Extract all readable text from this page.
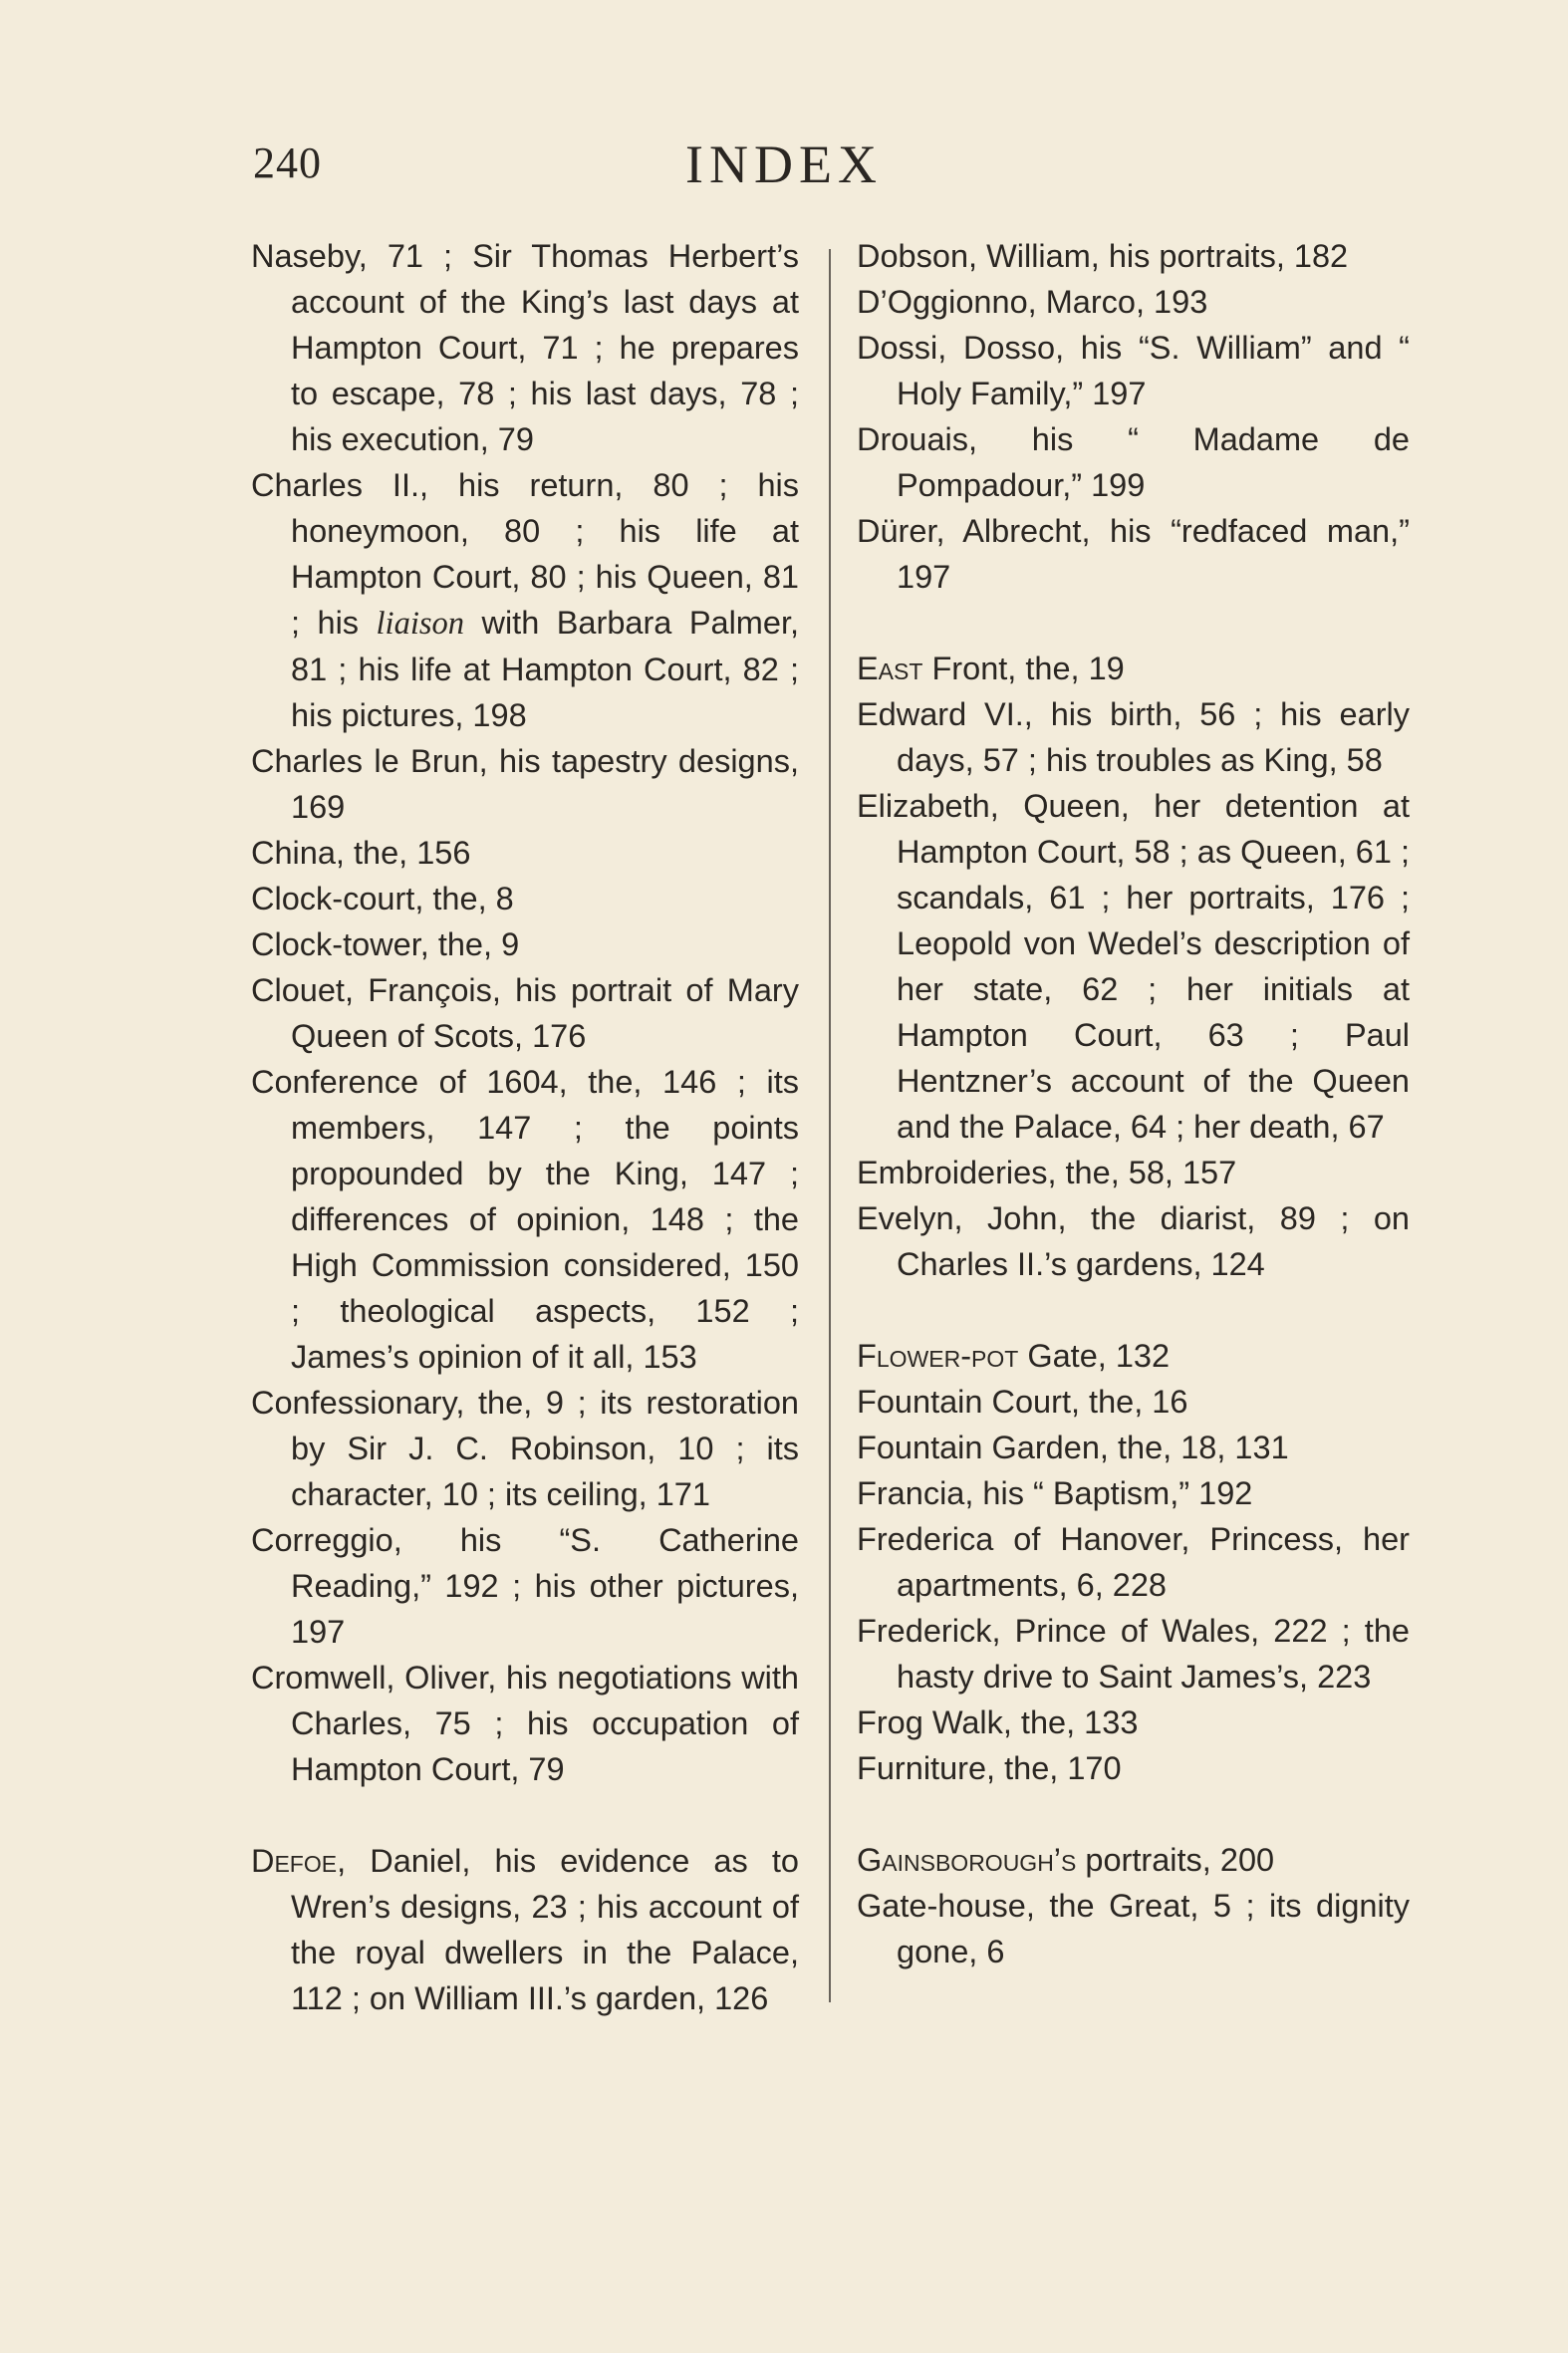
240	INDEX
Naseby, 71 ; Sir Thomas Herbert’s account of the King’s last days at Hampton Court, 71 ; he prepares to escape, 78 ; his last days, 78 ; his execution, 79
Charles II., his return, 80 ; his honeymoon, 80 ; his life at Hampton Court, 80 ; his Queen, 81 ; his liaison with Barbara Palmer, 81 ; his life at Hampton Court, 82 ; his pictures, 198
Charles le Brun, his tapestry designs, 169
China, the, 156
Clock-court, the, 8
Clock-tower, the, 9
Clouet, François, his portrait of Mary Queen of Scots, 176
Conference of 1604, the, 146 ; its members, 147 ; the points propounded by the King, 147 ; differences of opinion, 148 ; the High Commission considered, 150 ; theological aspects, 152 ; James’s opinion of it all, 153
Confessionary, the, 9 ; its restoration by Sir J. C. Robinson, 10 ; its character, 10 ; its ceiling, 171
Correggio, his “S. Catherine Reading,” 192 ; his other pictures, 197
Cromwell, Oliver, his negotiations with Charles, 75 ; his occupation of Hampton Court, 79
Defoe, Daniel, his evidence as to Wren’s designs, 23 ; his account of the royal dwellers in the Palace, 112 ; on William III.’s garden, 126
Dobson, William, his portraits, 182
D’Oggionno, Marco, 193
Dossi, Dosso, his “S. William” and “ Holy Family,” 197
Drouais, his “ Madame de Pompadour,” 199
Dürer, Albrecht, his “redfaced man,” 197
East Front, the, 19
Edward VI., his birth, 56 ; his early days, 57 ; his troubles as King, 58
Elizabeth, Queen, her detention at Hampton Court, 58 ; as Queen, 61 ; scandals, 61 ; her portraits, 176 ; Leopold von Wedel’s description of her state, 62 ; her initials at Hampton Court, 63 ; Paul Hentzner’s account of the Queen and the Palace, 64 ; her death, 67
Embroideries, the, 58, 157
Evelyn, John, the diarist, 89 ; on Charles II.’s gardens, 124
Flower-pot Gate, 132
Fountain Court, the, 16
Fountain Garden, the, 18, 131
Francia, his “ Baptism,” 192
Frederica of Hanover, Princess, her apartments, 6, 228
Frederick, Prince of Wales, 222 ; the hasty drive to Saint James’s, 223
Frog Walk, the, 133
Furniture, the, 170
Gainsborough’s portraits, 200
Gate-house, the Great, 5 ; its dignity gone, 6
